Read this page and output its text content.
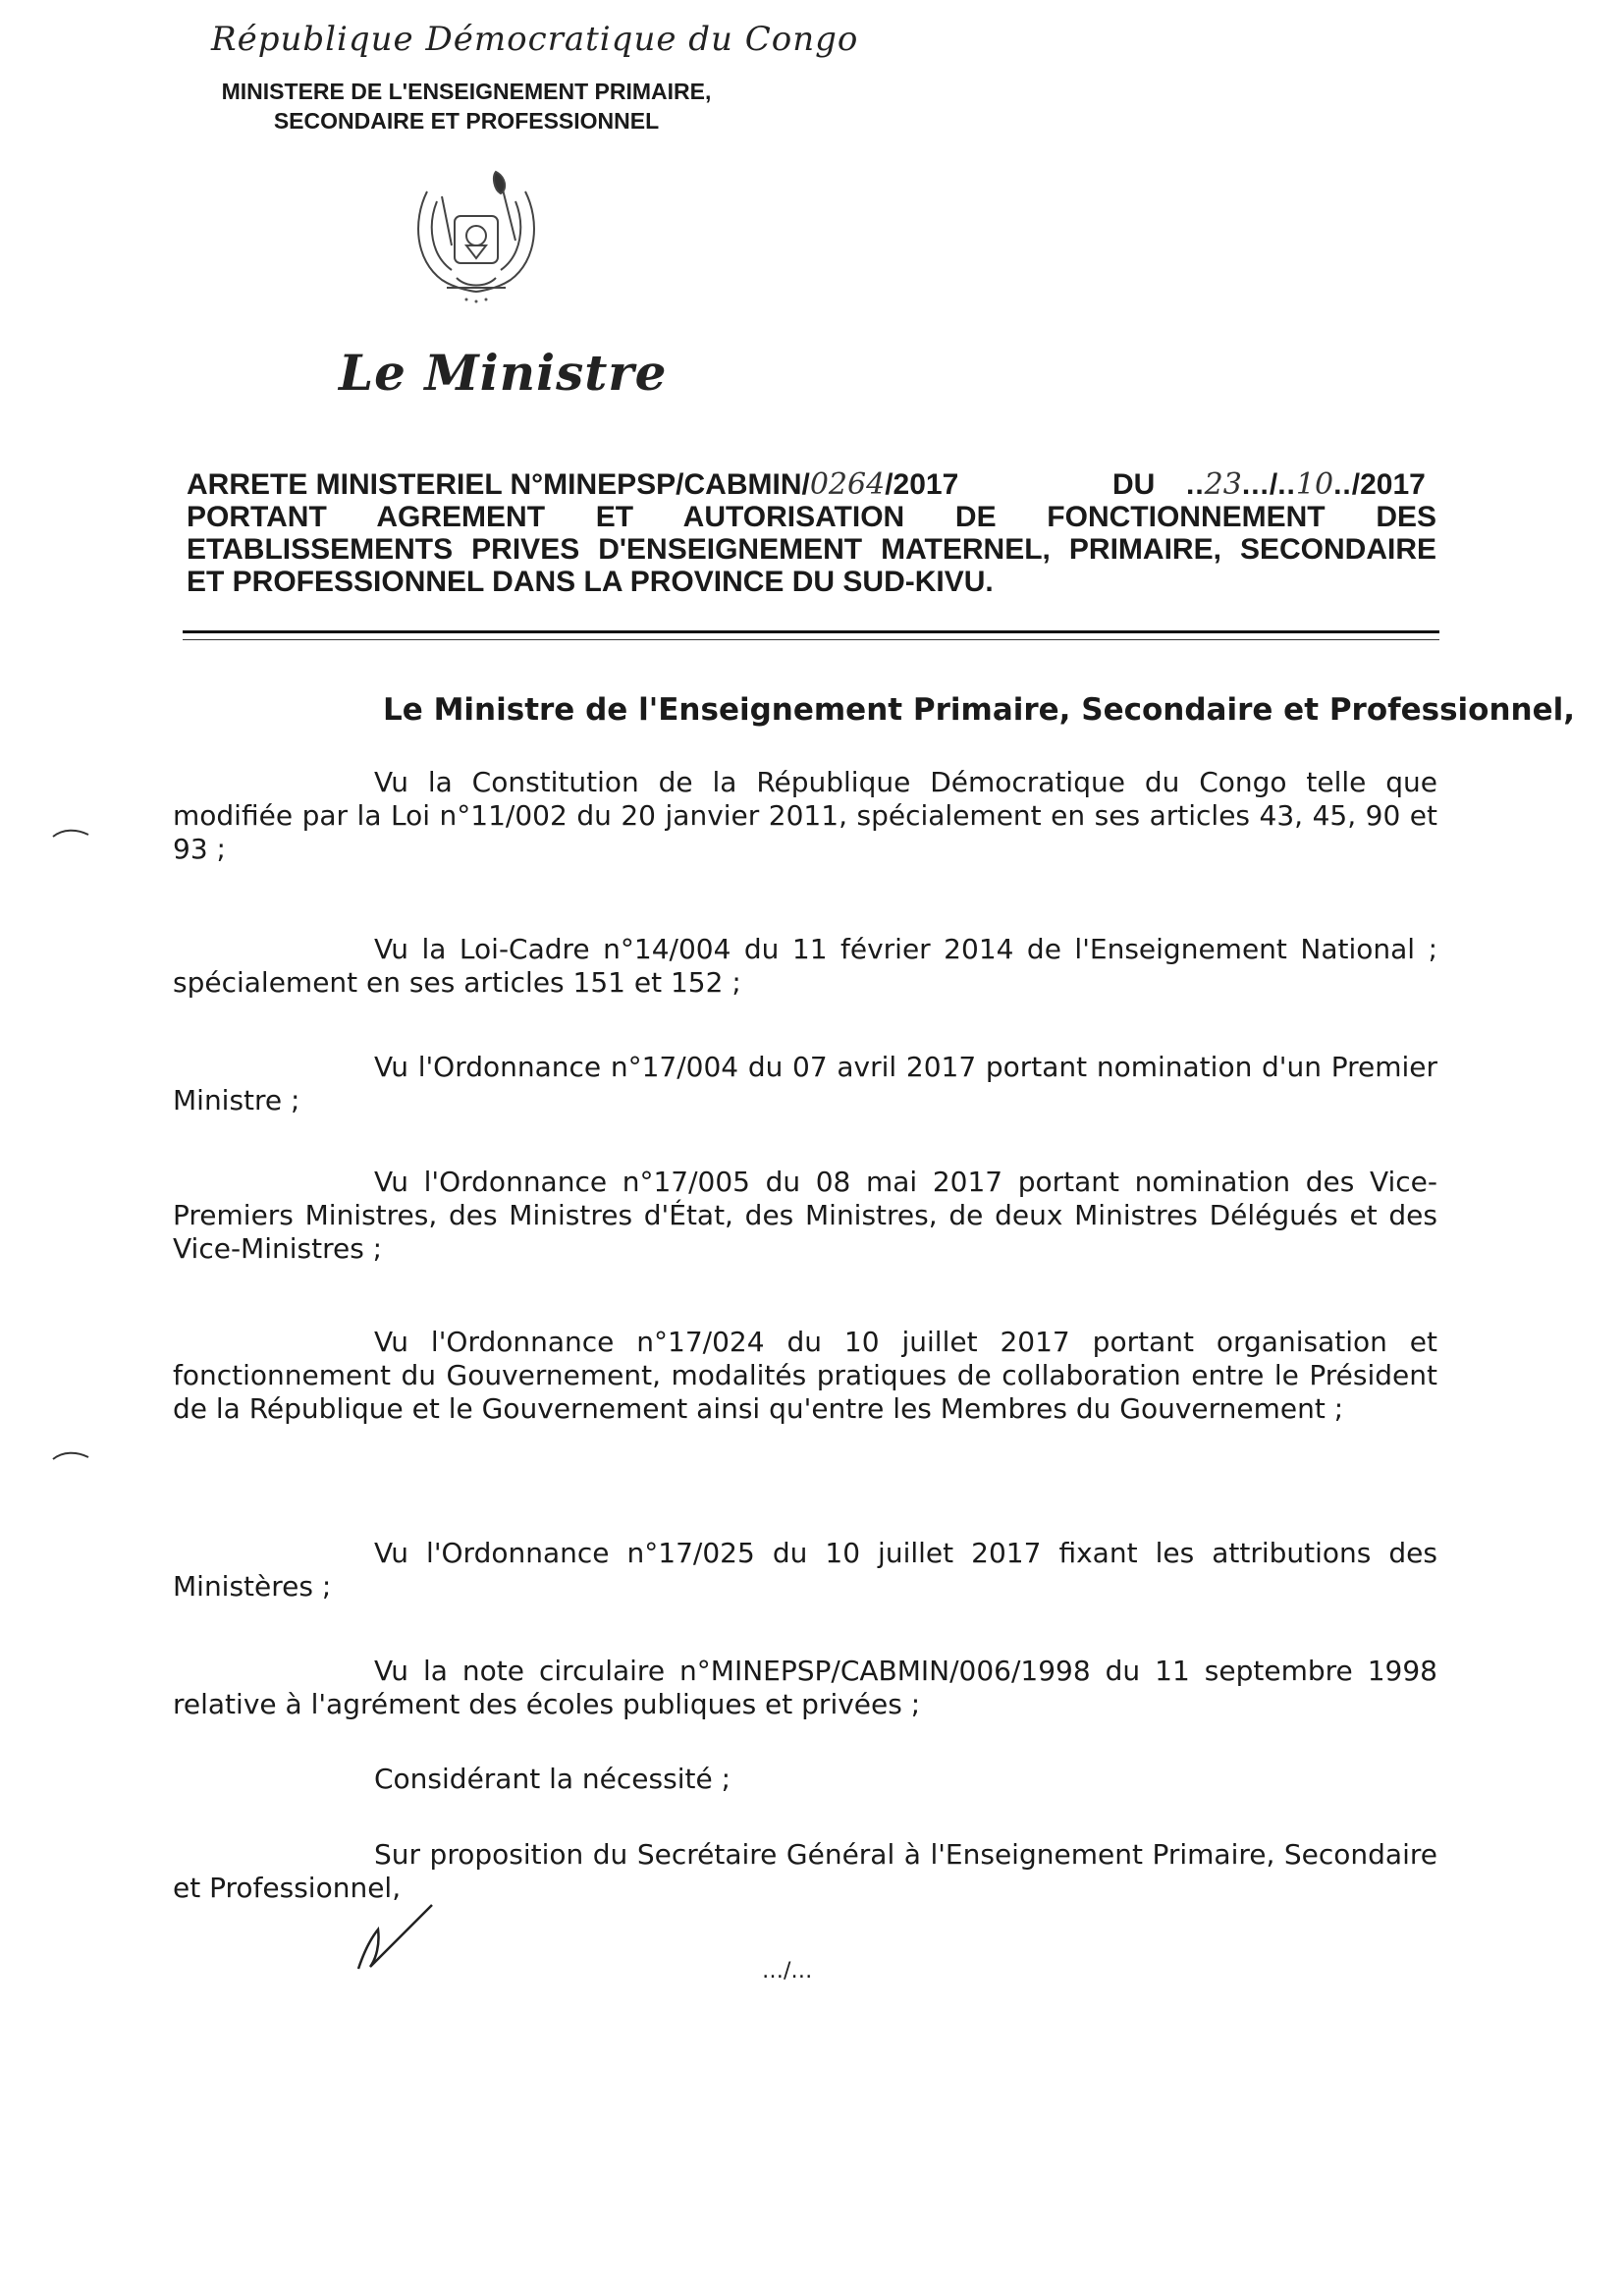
République Démocratique du Congo
MINISTERE DE L'ENSEIGNEMENT PRIMAIRE,
SECONDAIRE ET PROFESSIONNEL
Le Ministre
ARRETE MINISTERIEL N°MINEPSP/CABMIN/0264/2017	DU ..23.../..10../2017
PORTANT AGREMENT ET AUTORISATION DE FONCTIONNEMENT DES
ETABLISSEMENTS PRIVES D'ENSEIGNEMENT MATERNEL, PRIMAIRE, SECONDAIRE
ET PROFESSIONNEL DANS LA PROVINCE DU SUD-KIVU.
Le Ministre de l'Enseignement Primaire, Secondaire et Professionnel,
Vu la Constitution de la République Démocratique du Congo telle que modifiée par la Loi n°11/002 du 20 janvier 2011, spécialement en ses articles 43, 45, 90 et 93 ;
Vu la Loi-Cadre n°14/004 du 11 février 2014 de l'Enseignement National ; spécialement en ses articles 151 et 152 ;
Vu l'Ordonnance n°17/004 du 07 avril 2017 portant nomination d'un Premier Ministre ;
Vu l'Ordonnance n°17/005 du 08 mai 2017 portant nomination des Vice-Premiers Ministres, des Ministres d'État, des Ministres, de deux Ministres Délégués et des Vice-Ministres ;
Vu l'Ordonnance n°17/024 du 10 juillet 2017 portant organisation et fonctionnement du Gouvernement, modalités pratiques de collaboration entre le Président de la République et le Gouvernement ainsi qu'entre les Membres du Gouvernement ;
Vu l'Ordonnance n°17/025 du 10 juillet 2017 fixant les attributions des Ministères ;
Vu la note circulaire n°MINEPSP/CABMIN/006/1998 du 11 septembre 1998 relative à l'agrément des écoles publiques et privées ;
Considérant la nécessité ;
Sur proposition du Secrétaire Général à l'Enseignement Primaire, Secondaire et Professionnel,
…/…
